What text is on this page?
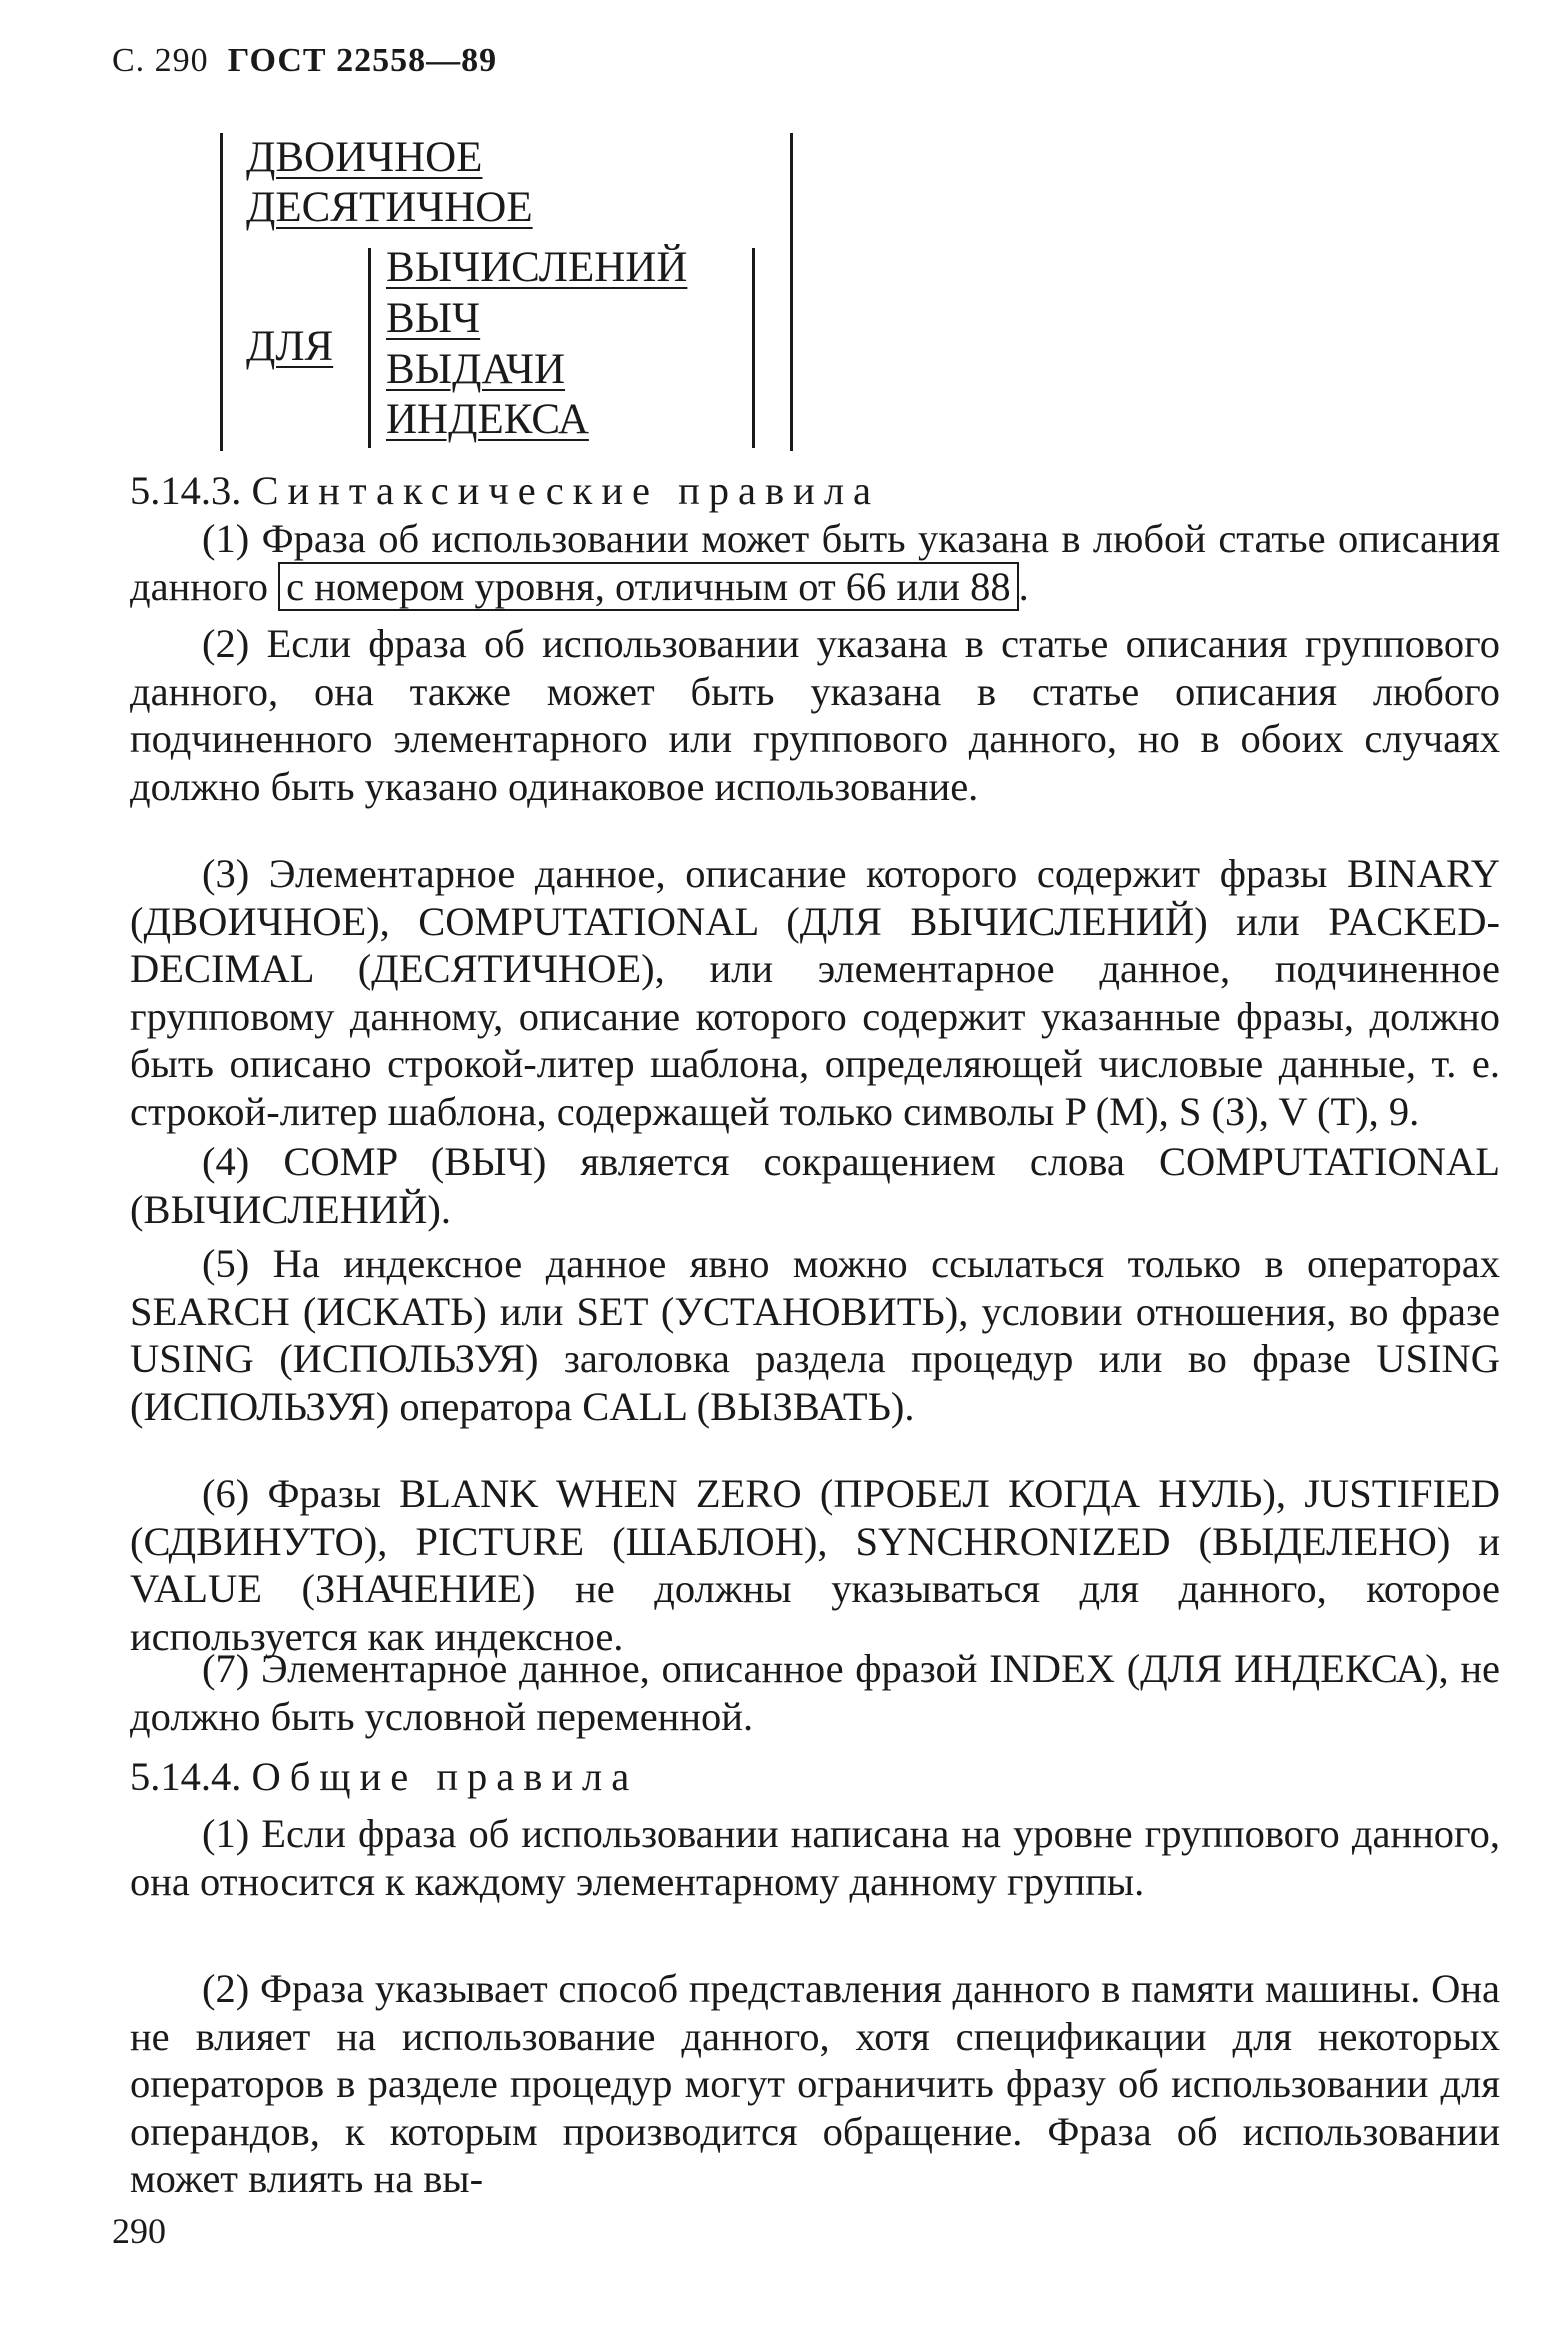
С. 290 ГОСТ 22558—89
ДВОИЧНОЕ
ДЕСЯТИЧНОЕ
ДЛЯ
ВЫЧИСЛЕНИЙ
ВЫЧ
ВЫДАЧИ
ИНДЕКСА

5.14.3. Синтаксические правила

(1) Фраза об использовании может быть указана в любой статье описания данного с номером уровня, отличным от 66 или 88 .

(2) Если фраза об использовании указана в статье описания группового данного, она также может быть указана в статье описания любого подчиненного элементарного или группового данного, но в обоих случаях должно быть указано одинаковое использование.

(3) Элементарное данное, описание которого содержит фразы BINARY (ДВОИЧНОЕ), COMPUTATIONAL (ДЛЯ ВЫЧИСЛЕНИЙ) или PACKED-DECIMAL (ДЕСЯТИЧНОЕ), или элементарное данное, подчиненное групповому данному, описание которого содержит указанные фразы, должно быть описано строкой-литер шаблона, определяющей числовые данные, т. е. строкой-литер шаблона, содержащей только символы P (M), S (З), V (T), 9.

(4) COMP (ВЫЧ) является сокращением слова COMPUTATIONAL (ВЫЧИСЛЕНИЙ).

(5) На индексное данное явно можно ссылаться только в операторах SEARCH (ИСКАТЬ) или SET (УСТАНОВИТЬ), условии отношения, во фразе USING (ИСПОЛЬЗУЯ) заголовка раздела процедур или во фразе USING (ИСПОЛЬЗУЯ) оператора CALL (ВЫЗВАТЬ).

(6) Фразы BLANK WHEN ZERO (ПРОБЕЛ КОГДА НУЛЬ), JUSTIFIED (СДВИНУТО), PICTURE (ШАБЛОН), SYNCHRONIZED (ВЫДЕЛЕНО) и VALUE (ЗНАЧЕНИЕ) не должны указываться для данного, которое используется как индексное.

(7) Элементарное данное, описанное фразой INDEX (ДЛЯ ИНДЕКСА), не должно быть условной переменной.

5.14.4. Общие правила

(1) Если фраза об использовании написана на уровне группового данного, она относится к каждому элементарному данному группы.

(2) Фраза указывает способ представления данного в памяти машины. Она не влияет на использование данного, хотя спецификации для некоторых операторов в разделе процедур могут ограничить фразу об использовании для операндов, к которым производится обращение. Фраза об использовании может влиять на вы-

290
